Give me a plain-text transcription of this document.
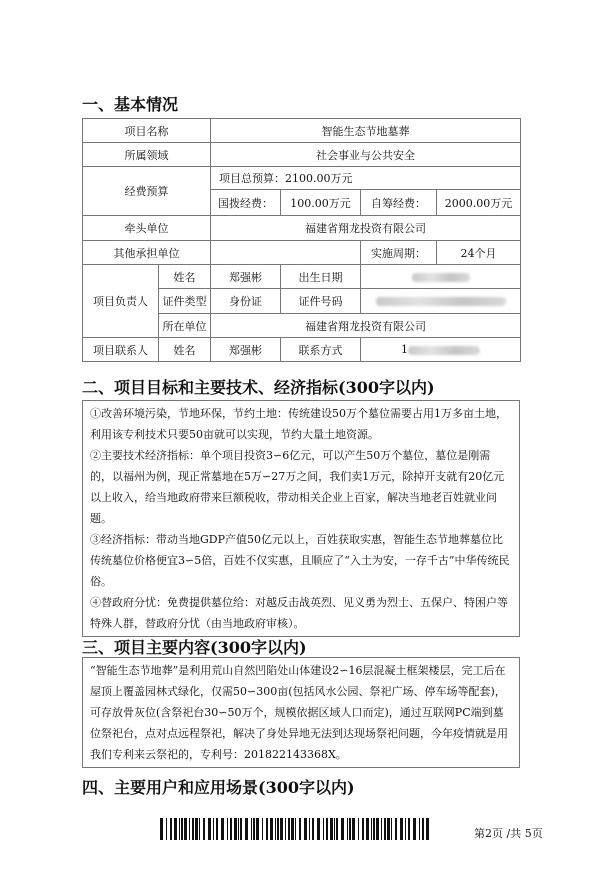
一、基本情况
项目名称		智能生态节地墓葬			
所属领域		社会事业与公共安全			
经费预算		项目总预算：2100.00万元			
		国拨经费：	100.00万元	自筹经费：	2000.00万元
牵头单位		福建省翔龙投资有限公司			
其他承担单位				实施周期：	24个月
项目负责人	姓名	郑强彬	出生日期		
	证件类型	身份证	证件号码		
	所在单位	福建省翔龙投资有限公司			
项目联系人	姓名	郑强彬	联系方式	1	
二、项目目标和主要技术、经济指标(300字以内)

①改善环境污染，节地环保，节约土地：传统建设50万个墓位需要占用1万多亩土地，利用该专利技术只要50亩就可以实现，节约大量土地资源。

②主要技术经济指标：单个项目投资3∽6亿元，可以产生50万个墓位，墓位是刚需的，以福州为例，现正常墓地在5万∽27万之间，我们卖1万元，除掉开支就有20亿元以上收入，给当地政府带来巨额税收，带动相关企业上百家，解决当地老百姓就业问题。

③经济指标：带动当地GDP产值50亿元以上，百姓获取实惠，智能生态节地葬墓位比传统墓位价格便宜3∽5倍，百姓不仅实惠，且顺应了“入土为安，一存千古”中华传统民俗。

④替政府分忧：免费提供墓位给：对越反击战英烈、见义勇为烈士、五保户、特困户等特殊人群，替政府分忧（由当地政府审核）。

三、项目主要内容(300字以内)

“智能生态节地葬”是利用荒山自然凹陷处山体建设2∽16层混凝土框架楼层，完工后在屋顶上覆盖园林式绿化，仅需50∽300亩(包括风水公园、祭祀广场、停车场等配套)，可存放骨灰位(含祭祀台30∽50万个，规模依据区域人口而定)，通过互联网PC端到墓位祭祀台，点对点远程祭祀，解决了身处异地无法到达现场祭祀问题，今年疫情就是用我们专利来云祭祀的，专利号：201822143368X。

四、主要用户和应用场景(300字以内)
第2页 /共 5页
